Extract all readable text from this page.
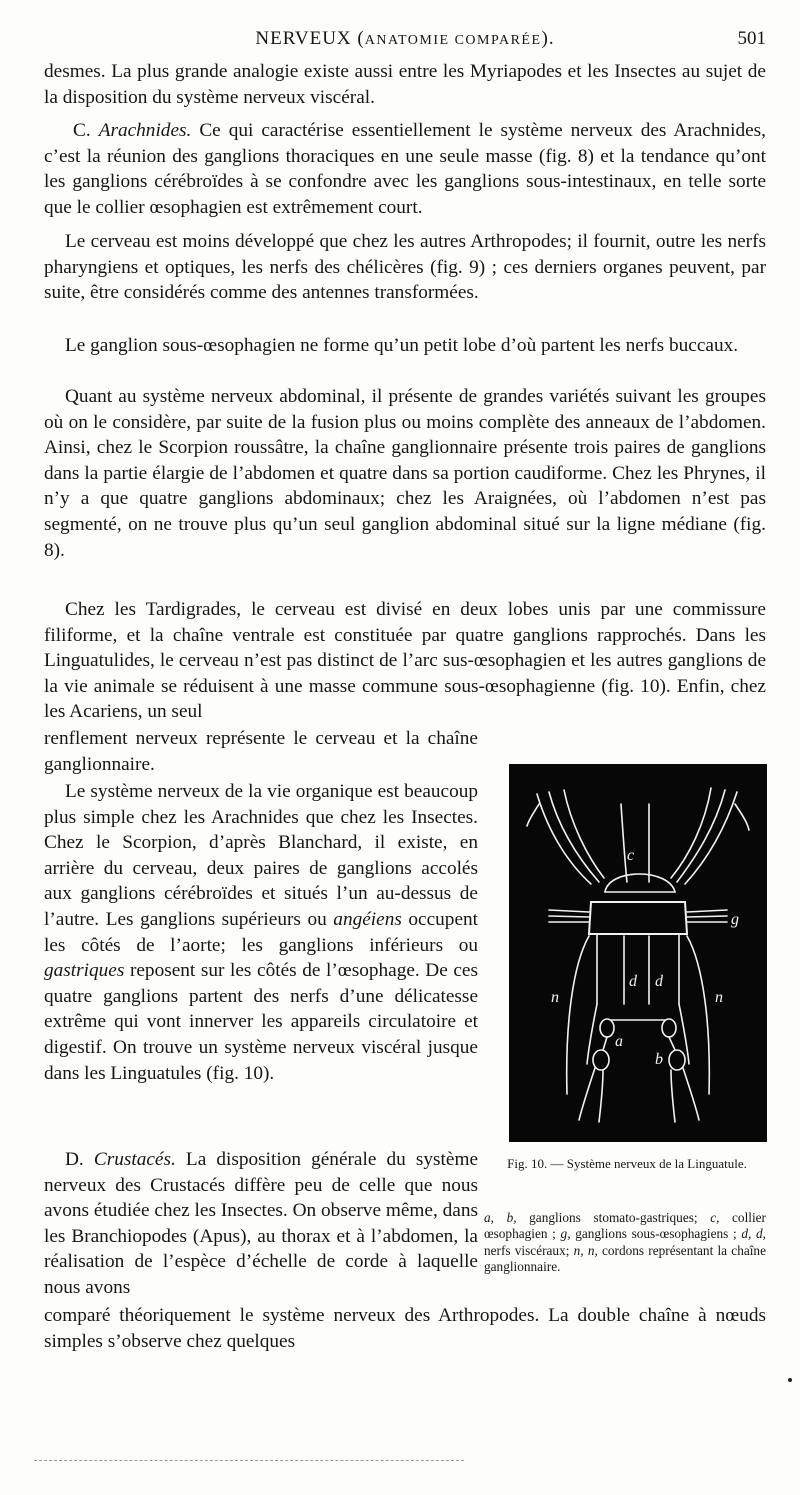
NERVEUX (ANATOMIE COMPARÉE).	501

desmes. La plus grande analogie existe aussi entre les Myriapodes et les Insectes au sujet de la disposition du système nerveux viscéral.

C. Arachnides. Ce qui caractérise essentiellement le système nerveux des Arachnides, c’est la réunion des ganglions thoraciques en une seule masse (fig. 8) et la tendance qu’ont les ganglions cérébroïdes à se confondre avec les ganglions sous-intestinaux, en telle sorte que le collier œsophagien est extrêmement court.

Le cerveau est moins développé que chez les autres Arthropodes; il fournit, outre les nerfs pharyngiens et optiques, les nerfs des chélicères (fig. 9) ; ces derniers organes peuvent, par suite, être considérés comme des antennes transformées.

Le ganglion sous-œsophagien ne forme qu’un petit lobe d’où partent les nerfs buccaux.

Quant au système nerveux abdominal, il présente de grandes variétés suivant les groupes où on le considère, par suite de la fusion plus ou moins complète des anneaux de l’abdomen. Ainsi, chez le Scorpion roussâtre, la chaîne ganglionnaire présente trois paires de ganglions dans la partie élargie de l’abdomen et quatre dans sa portion caudiforme. Chez les Phrynes, il n’y a que quatre ganglions abdominaux; chez les Araignées, où l’abdomen n’est pas segmenté, on ne trouve plus qu’un seul ganglion abdominal situé sur la ligne médiane (fig. 8).

Chez les Tardigrades, le cerveau est divisé en deux lobes unis par une commissure filiforme, et la chaîne ventrale est constituée par quatre ganglions rapprochés. Dans les Linguatulides, le cerveau n’est pas distinct de l’arc sus-œsophagien et les autres ganglions de la vie animale se réduisent à une masse commune sous-œsophagienne (fig. 10). Enfin, chez les Acariens, un seul

renflement nerveux représente le cerveau et la chaîne ganglionnaire.

Le système nerveux de la vie organique est beaucoup plus simple chez les Arachnides que chez les Insectes. Chez le Scorpion, d’après Blanchard, il existe, en arrière du cerveau, deux paires de ganglions accolés aux ganglions cérébroïdes et situés l’un au-dessus de l’autre. Les ganglions supérieurs ou angéiens occupent les côtés de l’aorte; les ganglions inférieurs ou gastriques reposent sur les côtés de l’œsophage. De ces quatre ganglions partent des nerfs d’une délicatesse extrême qui vont innerver les appareils circulatoire et digestif. On trouve un système nerveux viscéral jusque dans les Linguatules (fig. 10).

D. Crustacés. La disposition générale du système nerveux des Crustacés diffère peu de celle que nous avons étudiée chez les Insectes. On observe même, dans les Branchiopodes (Apus), au thorax et à l’abdomen, la réalisation de l’espèce d’échelle de corde à laquelle nous avons

comparé théoriquement le système nerveux des Arthropodes. La double chaîne à nœuds simples s’observe chez quelques

c
g
d d
n	n
a
b
Fig. 10. — Système nerveux de la Linguatule.
a, b, ganglions stomato-gastriques; c, collier œsophagien ; g, ganglions sous-œsophagiens ; d, d, nerfs viscéraux; n, n, cordons représentant la chaîne ganglionnaire.
